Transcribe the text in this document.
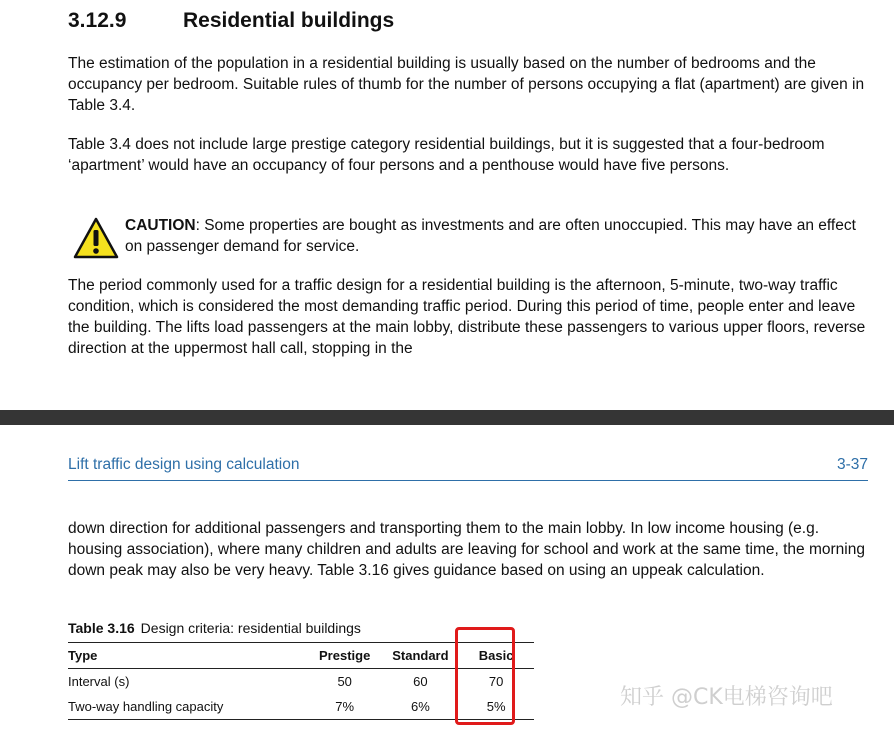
3.12.9	Residential buildings
The estimation of the population in a residential building is usually based on the number of bedrooms and the occupancy per bedroom. Suitable rules of thumb for the number of persons occupying a flat (apartment) are given in Table 3.4.
Table 3.4 does not include large prestige category residential buildings, but it is suggested that a four-bedroom ‘apartment’ would have an occupancy of four persons and a penthouse would have five persons.
CAUTION: Some properties are bought as investments and are often unoccupied. This may have an effect on passenger demand for service.
The period commonly used for a traffic design for a residential building is the afternoon, 5-minute, two-way traffic condition, which is considered the most demanding traffic period. During this period of time, people enter and leave the building. The lifts load passengers at the main lobby, distribute these passengers to various upper floors, reverse direction at the uppermost hall call, stopping in the
Lift traffic design using calculation	3-37
down direction for additional passengers and transporting them to the main lobby. In low income housing (e.g. housing association), where many children and adults are leaving for school and work at the same time, the morning down peak may also be very heavy. Table 3.16 gives guidance based on using an uppeak calculation.
Table 3.16 Design criteria: residential buildings
Type	Prestige	Standard	Basic
Interval (s)	50	60	70
Two-way handling capacity	7%	6%	5%	知乎 @CK电梯咨询吧
